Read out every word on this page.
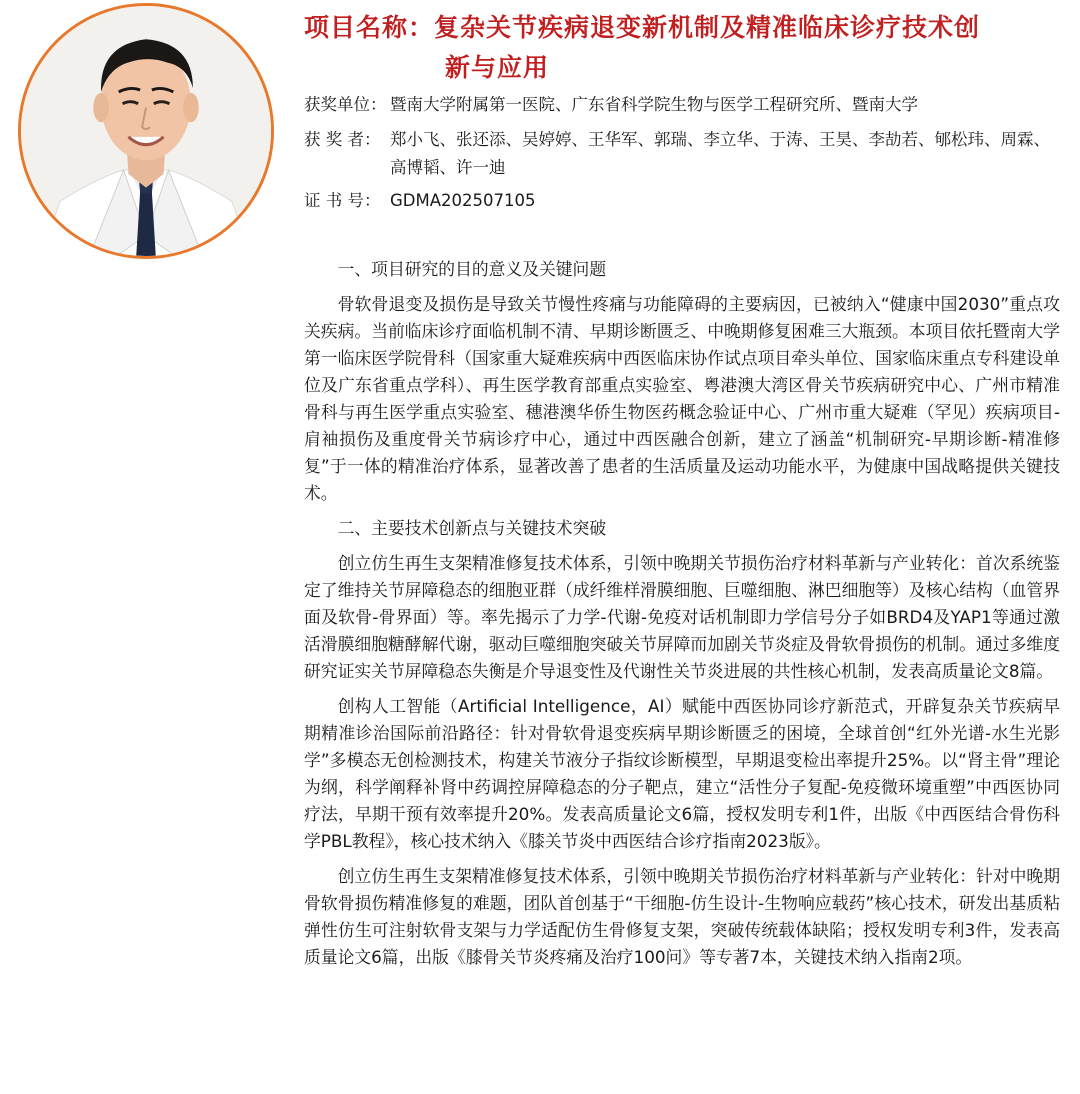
项目名称：复杂关节疾病退变新机制及精准临床诊疗技术创
新与应用
获奖单位： 暨南大学附属第一医院、广东省科学院生物与医学工程研究所、暨南大学
获 奖 者： 郑小飞、张还添、吴婷婷、王华军、郭瑞、李立华、于涛、王昊、李劼若、郇松玮、周霖、高博韬、许一迪
证 书 号： GDMA202507105

一、项目研究的目的意义及关键问题

骨软骨退变及损伤是导致关节慢性疼痛与功能障碍的主要病因，已被纳入“健康中国2030”重点攻关疾病。当前临床诊疗面临机制不清、早期诊断匮乏、中晚期修复困难三大瓶颈。本项目依托暨南大学第一临床医学院骨科（国家重大疑难疾病中西医临床协作试点项目牵头单位、国家临床重点专科建设单位及广东省重点学科）、再生医学教育部重点实验室、粤港澳大湾区骨关节疾病研究中心、广州市精准骨科与再生医学重点实验室、穗港澳华侨生物医药概念验证中心、广州市重大疑难（罕见）疾病项目-肩袖损伤及重度骨关节病诊疗中心，通过中西医融合创新，建立了涵盖“机制研究-早期诊断-精准修复”于一体的精准治疗体系，显著改善了患者的生活质量及运动功能水平，为健康中国战略提供关键技术。

二、主要技术创新点与关键技术突破

创立仿生再生支架精准修复技术体系，引领中晚期关节损伤治疗材料革新与产业转化：首次系统鉴定了维持关节屏障稳态的细胞亚群（成纤维样滑膜细胞、巨噬细胞、淋巴细胞等）及核心结构（血管界面及软骨-骨界面）等。率先揭示了力学-代谢-免疫对话机制即力学信号分子如BRD4及YAP1等通过激活滑膜细胞糖酵解代谢，驱动巨噬细胞突破关节屏障而加剧关节炎症及骨软骨损伤的机制。通过多维度研究证实关节屏障稳态失衡是介导退变性及代谢性关节炎进展的共性核心机制，发表高质量论文8篇。

创构人工智能（Artificial Intelligence，AI）赋能中西医协同诊疗新范式，开辟复杂关节疾病早期精准诊治国际前沿路径：针对骨软骨退变疾病早期诊断匮乏的困境，全球首创“红外光谱-水生光影学”多模态无创检测技术，构建关节液分子指纹诊断模型，早期退变检出率提升25%。以“肾主骨”理论为纲，科学阐释补肾中药调控屏障稳态的分子靶点，建立“活性分子复配-免疫微环境重塑”中西医协同疗法，早期干预有效率提升20%。发表高质量论文6篇，授权发明专利1件，出版《中西医结合骨伤科学PBL教程》，核心技术纳入《膝关节炎中西医结合诊疗指南2023版》。

创立仿生再生支架精准修复技术体系，引领中晚期关节损伤治疗材料革新与产业转化：针对中晚期骨软骨损伤精准修复的难题，团队首创基于“干细胞-仿生设计-生物响应载药”核心技术，研发出基质粘弹性仿生可注射软骨支架与力学适配仿生骨修复支架，突破传统载体缺陷；授权发明专利3件，发表高质量论文6篇，出版《膝骨关节炎疼痛及治疗100问》等专著7本，关键技术纳入指南2项。
